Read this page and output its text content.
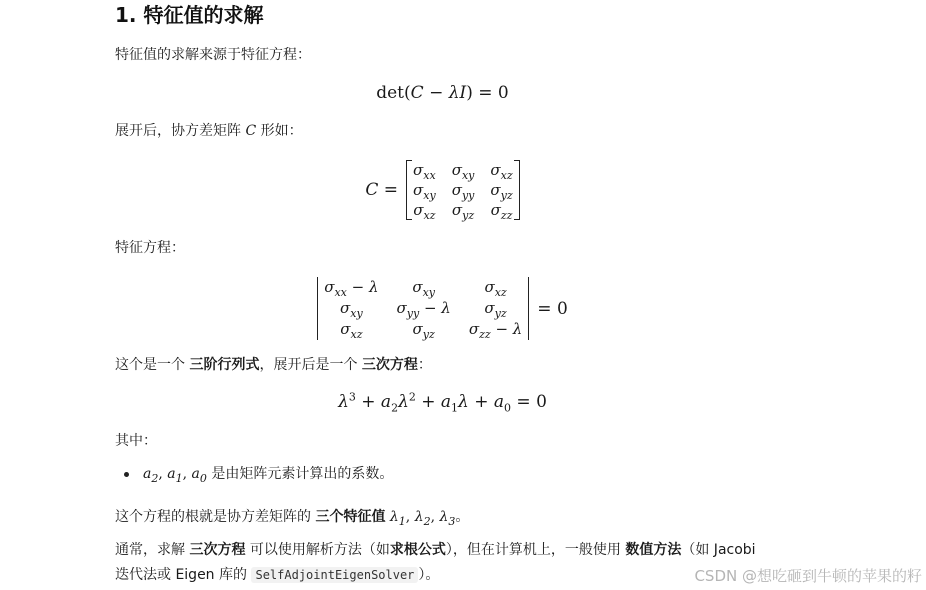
1. 特征值的求解
特征值的求解来源于特征方程：
det(C − λI) = 0
展开后，协方差矩阵 C 形如：
C =
$\sigma_{xx}$ $\sigma_{xy}$ $\sigma_{xz}$
$\sigma_{xy}$ $\sigma_{yy}$ $\sigma_{yz}$
$\sigma_{xz}$ $\sigma_{yz}$ $\sigma_{zz}$
特征方程：
$\sigma_{xx} - \lambda$	$\sigma_{xy}$	$\sigma_{xz}$
$\sigma_{xy}$	$\sigma_{yy} - \lambda$	$\sigma_{yz}$
$\sigma_{xz}$	$\sigma_{yz}$	$\sigma_{zz} - \lambda$
= 0
这个是一个 三阶行列式，展开后是一个 三次方程：
$\lambda^3 + a_2\lambda^2 + a_1\lambda + a_0 = 0$
其中：
$a_2$, $a_1$, $a_0$ 是由矩阵元素计算出的系数。
这个方程的根就是协方差矩阵的 三个特征值 $\lambda_1$, $\lambda_2$, $\lambda_3$。
通常，求解 三次方程 可以使用解析方法（如求根公式），但在计算机上，一般使用 数值方法（如 Jacobi
迭代法或 Eigen 库的 SelfAdjointEigenSolver ）。	CSDN @想吃砸到牛顿的苹果的籽
